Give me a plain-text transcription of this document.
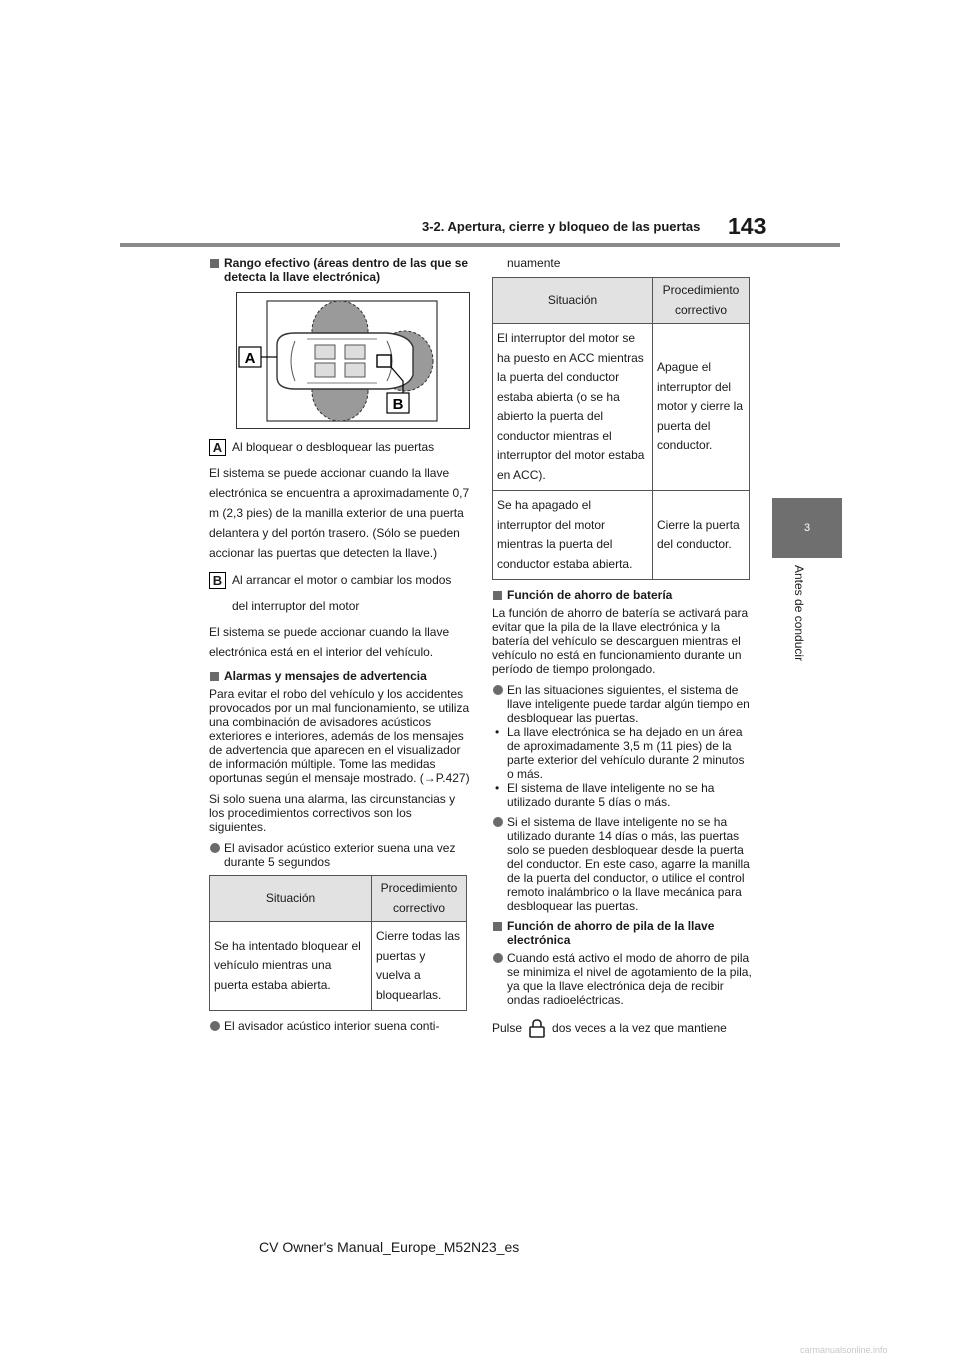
3-2. Apertura, cierre y bloqueo de las puertas 143
3
Antes de conducir
Rango efectivo (áreas dentro de las que se detecta la llave electrónica)
A
B
A Al bloquear o desbloquear las puertas
El sistema se puede accionar cuando la llave electrónica se encuentra a aproximadamente 0,7 m (2,3 pies) de la manilla exterior de una puerta delantera y del portón trasero. (Sólo se pueden accionar las puertas que detecten la llave.)
B Al arrancar el motor o cambiar los modos
del interruptor del motor
El sistema se puede accionar cuando la llave electrónica está en el interior del vehículo.
Alarmas y mensajes de advertencia
Para evitar el robo del vehículo y los accidentes provocados por un mal funcionamiento, se utiliza una combinación de avisadores acústicos exteriores e interiores, además de los mensajes de advertencia que aparecen en el visualizador de información múltiple. Tome las medidas oportunas según el mensaje mostrado. (→P.427)
Si solo suena una alarma, las circunstancias y los procedimientos correctivos son los siguientes.
El avisador acústico exterior suena una vez durante 5 segundos
Situación
Procedimiento correctivo
Se ha intentado bloquear el vehículo mientras una puerta estaba abierta.
Cierre todas las puertas y vuelva a bloquearlas.
El avisador acústico interior suena conti-
nuamente
Situación
Procedimiento correctivo
El interruptor del motor se ha puesto en ACC mientras la puerta del conductor estaba abierta (o se ha abierto la puerta del conductor mientras el interruptor del motor estaba en ACC).
Apague el interruptor del motor y cierre la puerta del conductor.
Se ha apagado el interruptor del motor mientras la puerta del conductor estaba abierta.
Cierre la puerta del conductor.
Función de ahorro de batería
La función de ahorro de batería se activará para evitar que la pila de la llave electrónica y la batería del vehículo se descarguen mientras el vehículo no está en funcionamiento durante un período de tiempo prolongado.
En las situaciones siguientes, el sistema de llave inteligente puede tardar algún tiempo en desbloquear las puertas.
• La llave electrónica se ha dejado en un área de aproximadamente 3,5 m (11 pies) de la parte exterior del vehículo durante 2 minutos o más.
• El sistema de llave inteligente no se ha utilizado durante 5 días o más.
Si el sistema de llave inteligente no se ha utilizado durante 14 días o más, las puertas solo se pueden desbloquear desde la puerta del conductor. En este caso, agarre la manilla de la puerta del conductor, o utilice el control remoto inalámbrico o la llave mecánica para desbloquear las puertas.
Función de ahorro de pila de la llave electrónica
Cuando está activo el modo de ahorro de pila se minimiza el nivel de agotamiento de la pila, ya que la llave electrónica deja de recibir ondas radioeléctricas.
Pulse	dos veces a la vez que mantiene
CV Owner's Manual_Europe_M52N23_es
carmanualsonline.info
